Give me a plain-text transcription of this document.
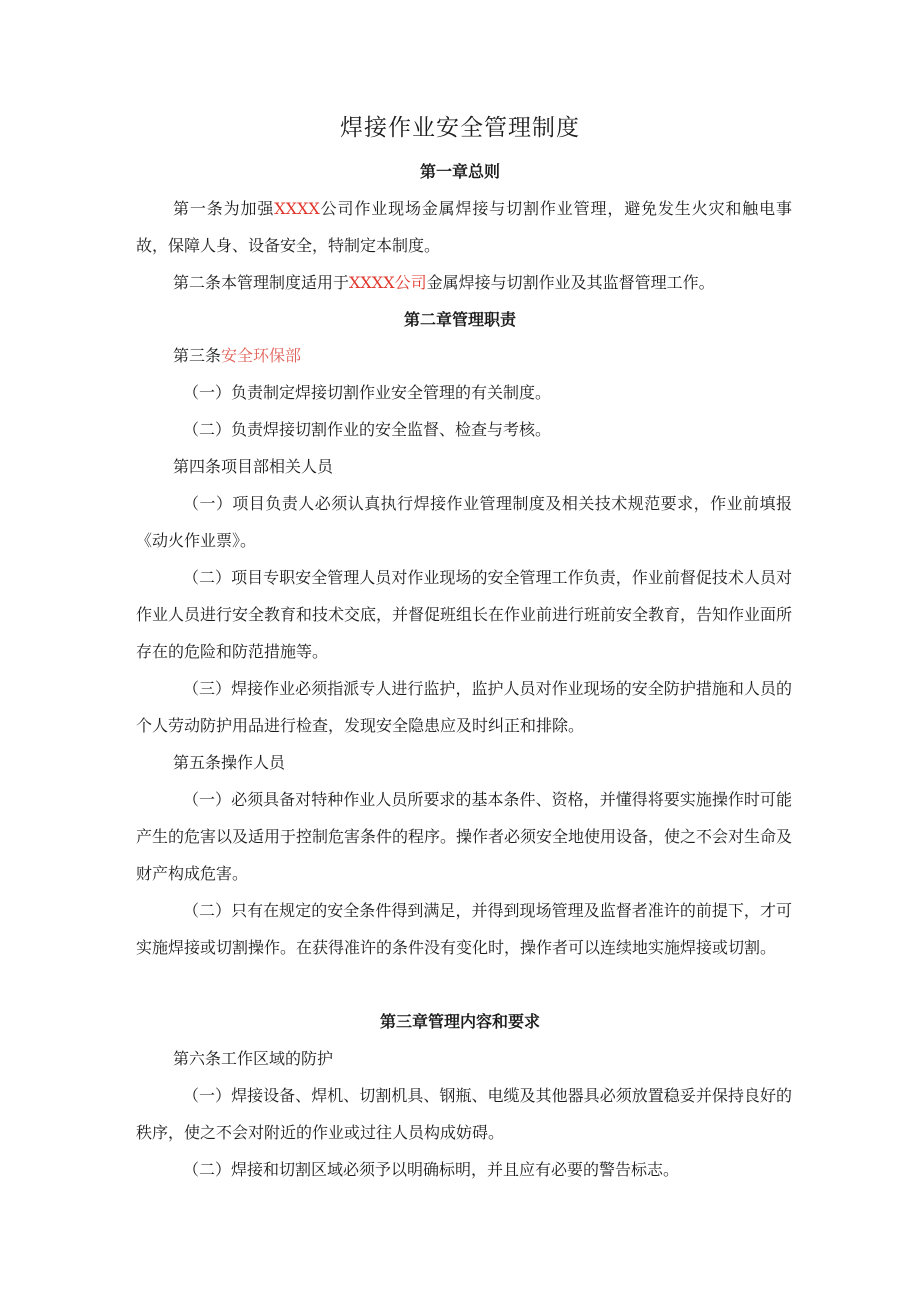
焊接作业安全管理制度
第一章总则

第一条为加强XXXX公司作业现场金属焊接与切割作业管理，避免发生火灾和触电事故，保障人身、设备安全，特制定本制度。

第二条本管理制度适用于XXXX公司金属焊接与切割作业及其监督管理工作。

第二章管理职责

第三条安全环保部

（一）负责制定焊接切割作业安全管理的有关制度。

（二）负责焊接切割作业的安全监督、检查与考核。

第四条项目部相关人员

（一）项目负责人必须认真执行焊接作业管理制度及相关技术规范要求，作业前填报《动火作业票》。

（二）项目专职安全管理人员对作业现场的安全管理工作负责，作业前督促技术人员对作业人员进行安全教育和技术交底，并督促班组长在作业前进行班前安全教育，告知作业面所存在的危险和防范措施等。

（三）焊接作业必须指派专人进行监护，监护人员对作业现场的安全防护措施和人员的个人劳动防护用品进行检查，发现安全隐患应及时纠正和排除。

第五条操作人员

（一）必须具备对特种作业人员所要求的基本条件、资格，并懂得将要实施操作时可能产生的危害以及适用于控制危害条件的程序。操作者必须安全地使用设备，使之不会对生命及财产构成危害。

（二）只有在规定的安全条件得到满足，并得到现场管理及监督者准许的前提下，才可实施焊接或切割操作。在获得准许的条件没有变化时，操作者可以连续地实施焊接或切割。

第三章管理内容和要求

第六条工作区域的防护

（一）焊接设备、焊机、切割机具、钢瓶、电缆及其他器具必须放置稳妥并保持良好的秩序，使之不会对附近的作业或过往人员构成妨碍。

（二）焊接和切割区域必须予以明确标明，并且应有必要的警告标志。
